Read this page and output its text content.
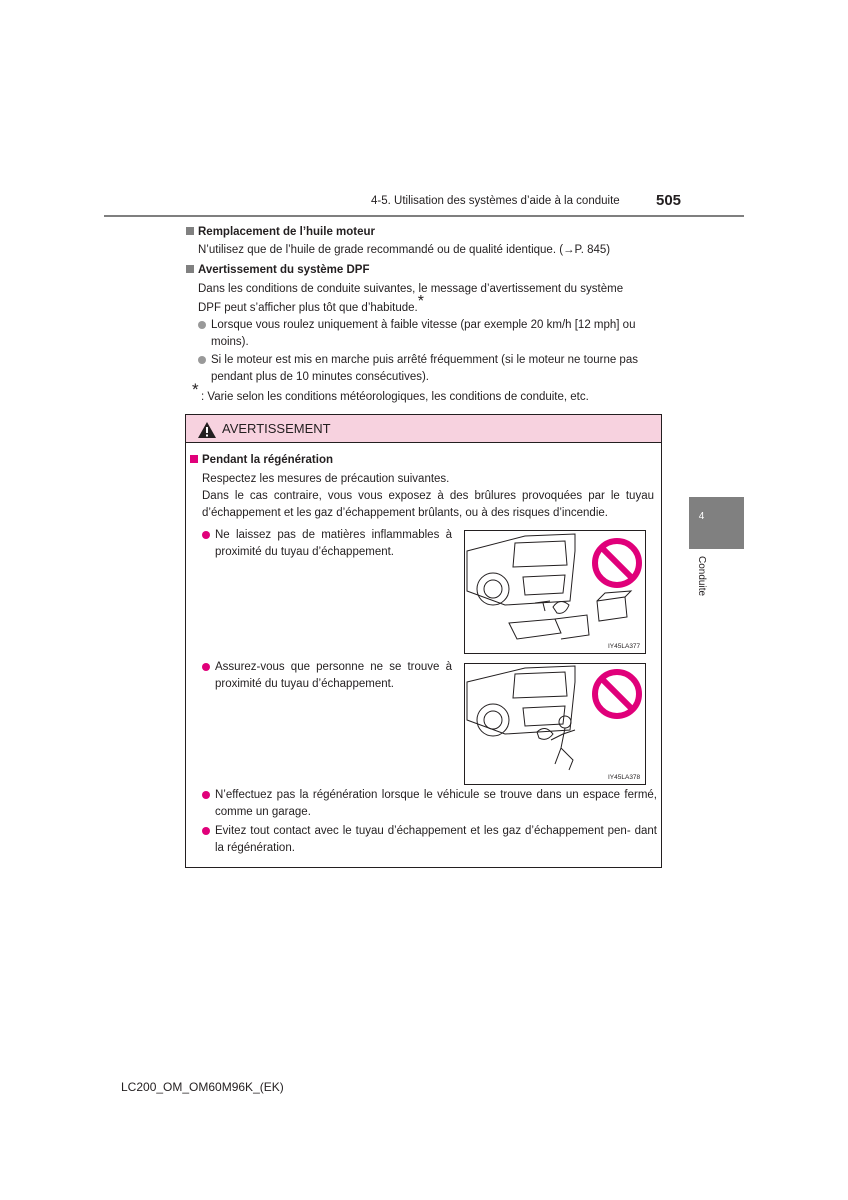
4-5. Utilisation des systèmes d’aide à la conduite 505
4
Conduite
Remplacement de l’huile moteur
N’utilisez que de l’huile de grade recommandé ou de qualité identique. (→P. 845)
Avertissement du système DPF
Dans les conditions de conduite suivantes, le message d’avertissement du système
DPF peut s’afficher plus tôt que d’habitude.*
Lorsque vous roulez uniquement à faible vitesse (par exemple 20 km/h [12 mph] ou moins).
Si le moteur est mis en marche puis arrêté fréquemment (si le moteur ne tourne pas pendant plus de 10 minutes consécutives).
* : Varie selon les conditions météorologiques, les conditions de conduite, etc.
AVERTISSEMENT
Pendant la régénération
Respectez les mesures de précaution suivantes.
Dans le cas contraire, vous vous exposez à des brûlures provoquées par le tuyau d’échappement et les gaz d’échappement brûlants, ou à des risques d’incendie.
Ne laissez pas de matières inflammables à proximité du tuyau d’échappement.
IY45LA377
Assurez-vous que personne ne se trouve à proximité du tuyau d’échappement.
IY45LA378
N’effectuez pas la régénération lorsque le véhicule se trouve dans un espace fermé, comme un garage.
Evitez tout contact avec le tuyau d’échappement et les gaz d’échappement pen- dant la régénération.
LC200_OM_OM60M96K_(EK)
